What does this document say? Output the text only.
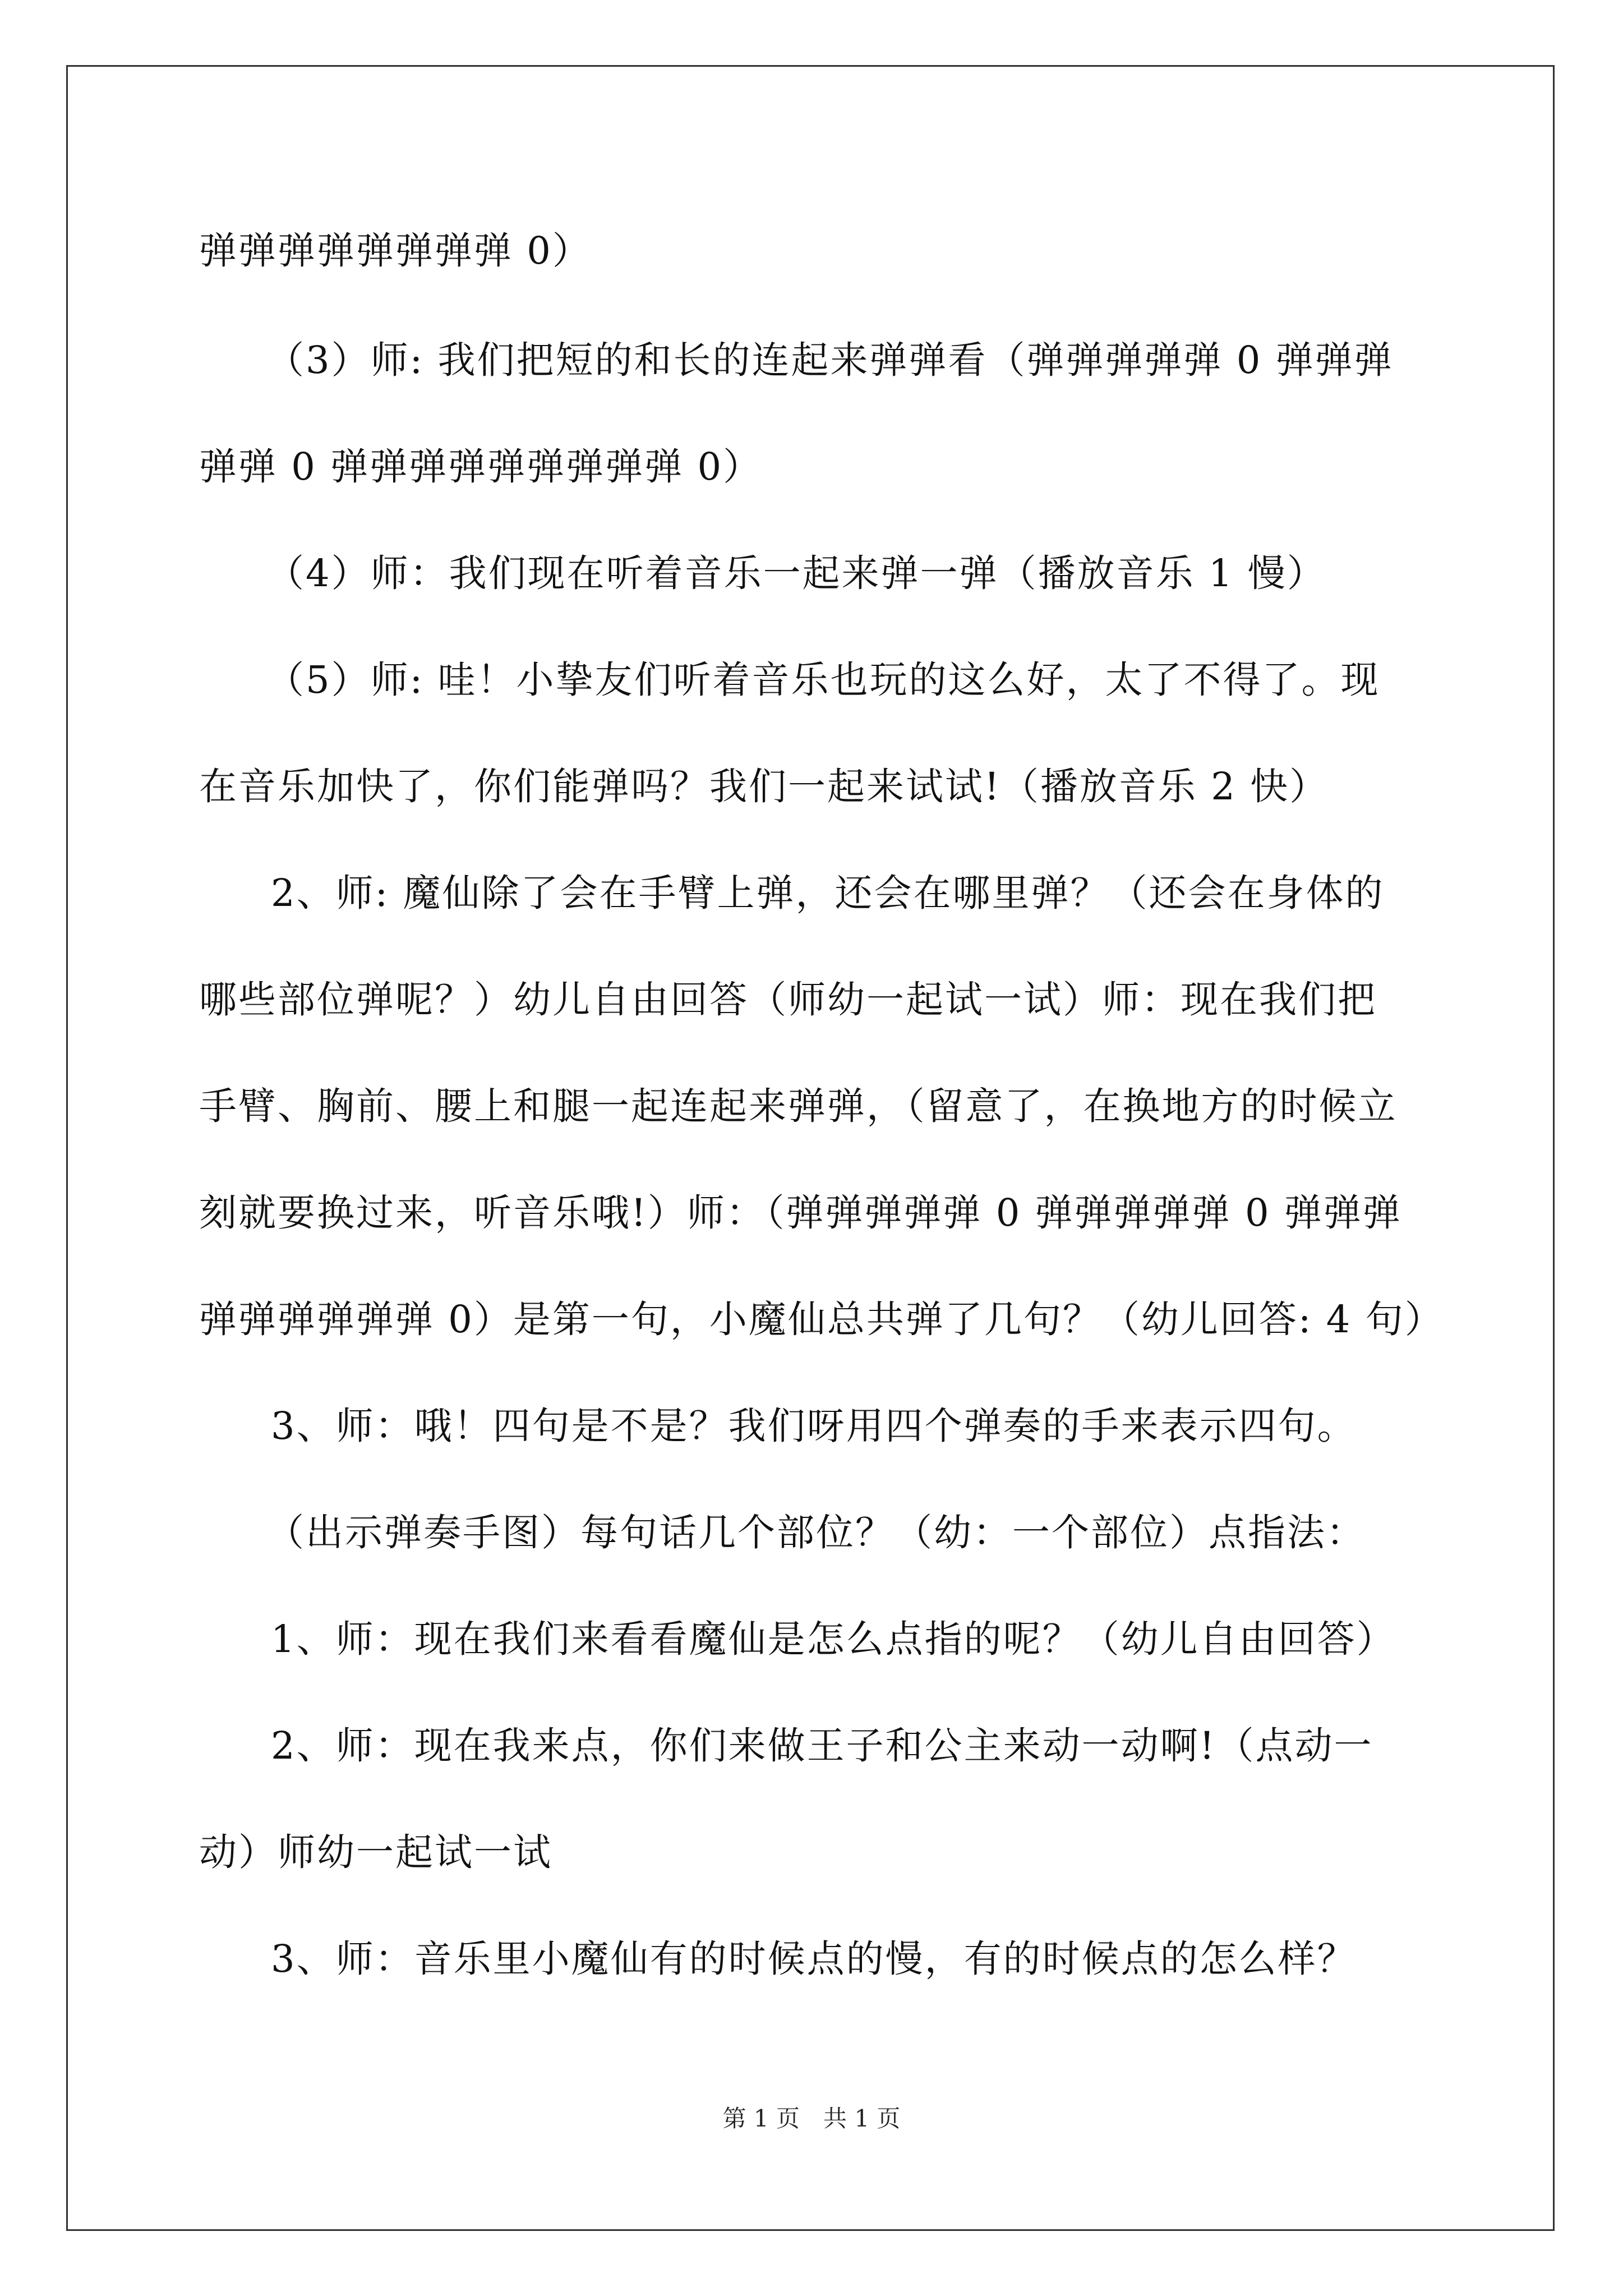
弹弹弹弹弹弹弹弹 0）
（3）师: 我们把短的和长的连起来弹弹看（弹弹弹弹弹 0 弹弹弹
弹弹 0 弹弹弹弹弹弹弹弹弹 0）
（4）师：我们现在听着音乐一起来弹一弹（播放音乐 1 慢）
（5）师: 哇！小挚友们听着音乐也玩的这么好，太了不得了。现
在音乐加快了，你们能弹吗？我们一起来试试!（播放音乐 2 快）
2、师: 魔仙除了会在手臂上弹，还会在哪里弹？（还会在身体的
哪些部位弹呢？）幼儿自由回答（师幼一起试一试）师：现在我们把
手臂、胸前、腰上和腿一起连起来弹弹，（留意了，在换地方的时候立
刻就要换过来，听音乐哦!）师：（弹弹弹弹弹 0 弹弹弹弹弹 0 弹弹弹
弹弹弹弹弹弹 0）是第一句，小魔仙总共弹了几句？（幼儿回答: 4 句）
3、师：哦！四句是不是？我们呀用四个弹奏的手来表示四句。
（出示弹奏手图）每句话几个部位？（幼：一个部位）点指法：
1、师：现在我们来看看魔仙是怎么点指的呢？（幼儿自由回答）
2、师：现在我来点，你们来做王子和公主来动一动啊!（点动一
动）师幼一起试一试
3、师：音乐里小魔仙有的时候点的慢，有的时候点的怎么样？
第 1 页　共 1 页
